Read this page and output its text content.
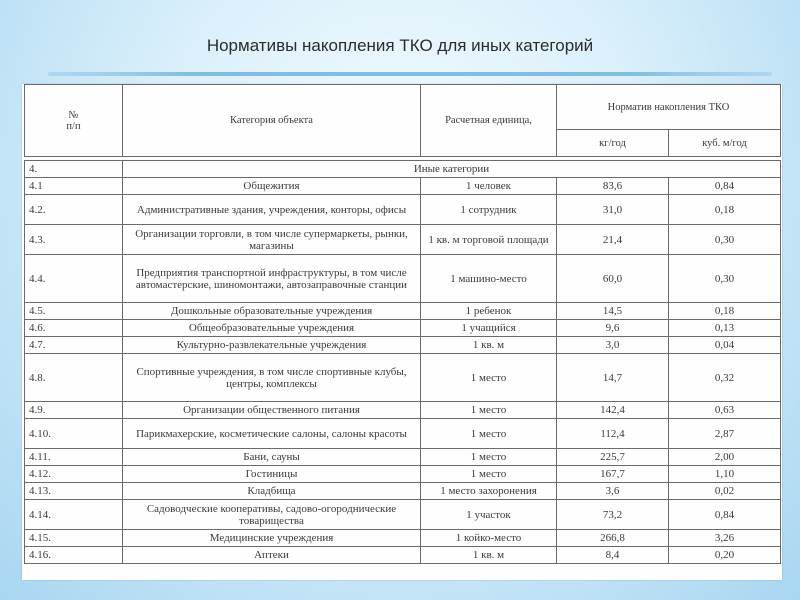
Нормативы накопления ТКО для иных категорий
№
п/п	Категория объекта	Расчетная единица,	Норматив накопления ТКО	
			кг/год	куб. м/год

4.	Иные категории			
4.1	Общежития	1 человек	83,6	0,84
4.2.	Административные здания, учреждения, конторы, офисы	1 сотрудник	31,0	0,18
4.3.	Организации торговли, в том числе супермаркеты, рынки, магазины	1 кв. м торговой площади	21,4	0,30
4.4.	Предприятия транспортной инфраструктуры, в том числе автомастерские, шиномонтажи, автозаправочные станции	1 машино-место	60,0	0,30
4.5.	Дошкольные образовательные учреждения	1 ребенок	14,5	0,18
4.6.	Общеобразовательные учреждения	1 учащийся	9,6	0,13
4.7.	Культурно-развлекательные учреждения	1 кв. м	3,0	0,04
4.8.	Спортивные учреждения, в том числе спортивные клубы, центры, комплексы	1 место	14,7	0,32
4.9.	Организации общественного питания	1 место	142,4	0,63
4.10.	Парикмахерские, косметические салоны, салоны красоты	1 место	112,4	2,87
4.11.	Бани, сауны	1 место	225,7	2,00
4.12.	Гостиницы	1 место	167,7	1,10
4.13.	Кладбища	1 место захоронения	3,6	0,02
4.14.	Садоводческие кооперативы, садово-огороднические товарищества	1 участок	73,2	0,84
4.15.	Медицинские учреждения	1 койко-место	266,8	3,26
4.16.	Аптеки	1 кв. м	8,4	0,20
